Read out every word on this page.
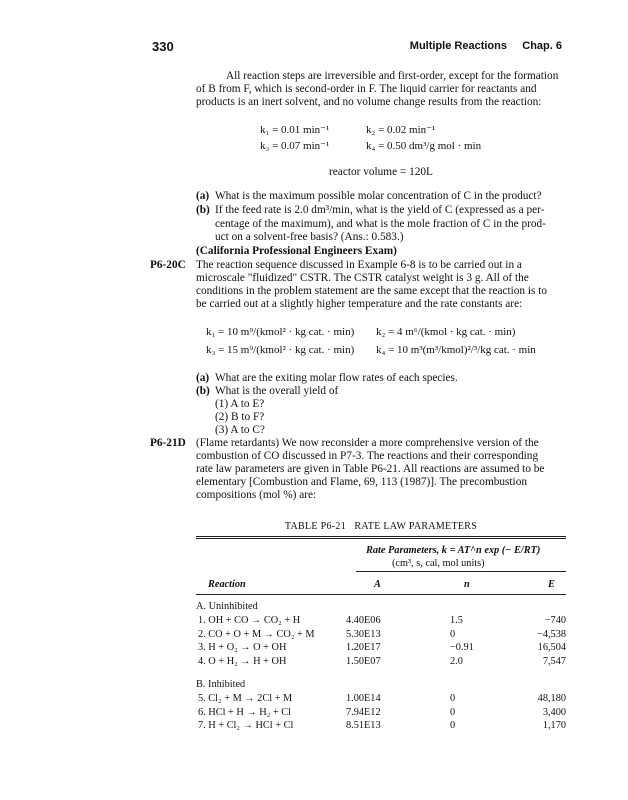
330	Multiple Reactions     Chap. 6
All reaction steps are irreversible and first-order, except for the formation
of B from F, which is second-order in F. The liquid carrier for reactants and
products is an inert solvent, and no volume change results from the reaction:
k₁ = 0.01 min⁻¹	k₂ = 0.02 min⁻¹
k₃ = 0.07 min⁻¹	k₄ = 0.50 dm³/g mol · min
reactor volume = 120L
(a) What is the maximum possible molar concentration of C in the product?
(b) If the feed rate is 2.0 dm³/min, what is the yield of C (expressed as a per-
centage of the maximum), and what is the mole fraction of C in the prod-
uct on a solvent-free basis? (Ans.: 0.583.)
(California Professional Engineers Exam)
P6-20C The reaction sequence discussed in Example 6-8 is to be carried out in a
microscale "fluidized" CSTR. The CSTR catalyst weight is 3 g. All of the
conditions in the problem statement are the same except that the reaction is to
be carried out at a slightly higher temperature and the rate constants are:
k₁ = 10 m⁹/(kmol² · kg cat. · min) k₂ = 4 m⁶/(kmol · kg cat. · min)
k₃ = 15 m⁹/(kmol² · kg cat. · min) k₄ = 10 m³(m³/kmol)²/³/kg cat. · min
(a) What are the exiting molar flow rates of each species.
(b) What is the overall yield of
(1) A to E?
(2) B to F?
(3) A to C?
P6-21D (Flame retardants) We now reconsider a more comprehensive version of the
combustion of CO discussed in P7-3. The reactions and their corresponding
rate law parameters are given in Table P6-21. All reactions are assumed to be
elementary [Combustion and Flame, 69, 113 (1987)]. The precombustion
compositions (mol %) are:
TABLE P6-21   RATE LAW PARAMETERS
Rate Parameters, k = AT^n exp (− E/RT)
(cm³, s, cal, mol units)
Reaction	A	n	E
A. Uninhibited
1. OH + CO → CO₂ + H	4.40E06	1.5	−740
2. CO + O + M → CO₂ + M	5.30E13	0	−4,538
3. H + O₂ → O + OH	1.20E17	−0.91	16,504
4. O + H₂ → H + OH	1.50E07	2.0	7,547
B. Inhibited
5. Cl₂ + M → 2Cl + M	1.00E14	0	48,180
6. HCl + H → H₂ + Cl	7.94E12	0	3,400
7. H + Cl₂ → HCl + Cl	8.51E13	0	1,170
